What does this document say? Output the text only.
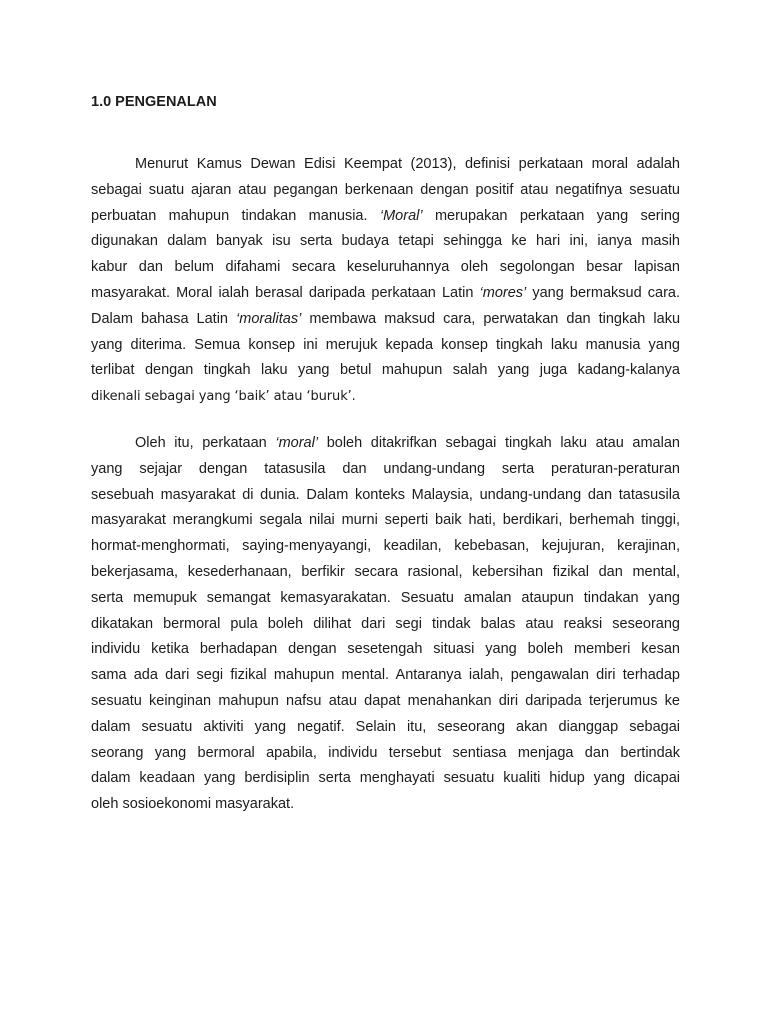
1.0 PENGENALAN
Menurut Kamus Dewan Edisi Keempat (2013), definisi perkataan moral adalah
sebagai suatu ajaran atau pegangan berkenaan dengan positif atau negatifnya sesuatu
perbuatan mahupun tindakan manusia. ‘Moral’ merupakan perkataan yang sering
digunakan dalam banyak isu serta budaya tetapi sehingga ke hari ini, ianya masih
kabur dan belum difahami secara keseluruhannya oleh segolongan besar lapisan
masyarakat. Moral ialah berasal daripada perkataan Latin ‘mores’ yang bermaksud cara.
Dalam bahasa Latin ‘moralitas’ membawa maksud cara, perwatakan dan tingkah laku
yang diterima. Semua konsep ini merujuk kepada konsep tingkah laku manusia yang
terlibat dengan tingkah laku yang betul mahupun salah yang juga kadang-kalanya
dikenali sebagai yang ‘baik’ atau ‘buruk’.
Oleh itu, perkataan ‘moral’ boleh ditakrifkan sebagai tingkah laku atau amalan
yang sejajar dengan tatasusila dan undang-undang serta peraturan-peraturan
sesebuah masyarakat di dunia. Dalam konteks Malaysia, undang-undang dan tatasusila
masyarakat merangkumi segala nilai murni seperti baik hati, berdikari, berhemah tinggi,
hormat-menghormati, saying-menyayangi, keadilan, kebebasan, kejujuran, kerajinan,
bekerjasama, kesederhanaan, berfikir secara rasional, kebersihan fizikal dan mental,
serta memupuk semangat kemasyarakatan. Sesuatu amalan ataupun tindakan yang
dikatakan bermoral pula boleh dilihat dari segi tindak balas atau reaksi seseorang
individu ketika berhadapan dengan sesetengah situasi yang boleh memberi kesan
sama ada dari segi fizikal mahupun mental. Antaranya ialah, pengawalan diri terhadap
sesuatu keinginan mahupun nafsu atau dapat menahankan diri daripada terjerumus ke
dalam sesuatu aktiviti yang negatif. Selain itu, seseorang akan dianggap sebagai
seorang yang bermoral apabila, individu tersebut sentiasa menjaga dan bertindak
dalam keadaan yang berdisiplin serta menghayati sesuatu kualiti hidup yang dicapai
oleh sosioekonomi masyarakat.
